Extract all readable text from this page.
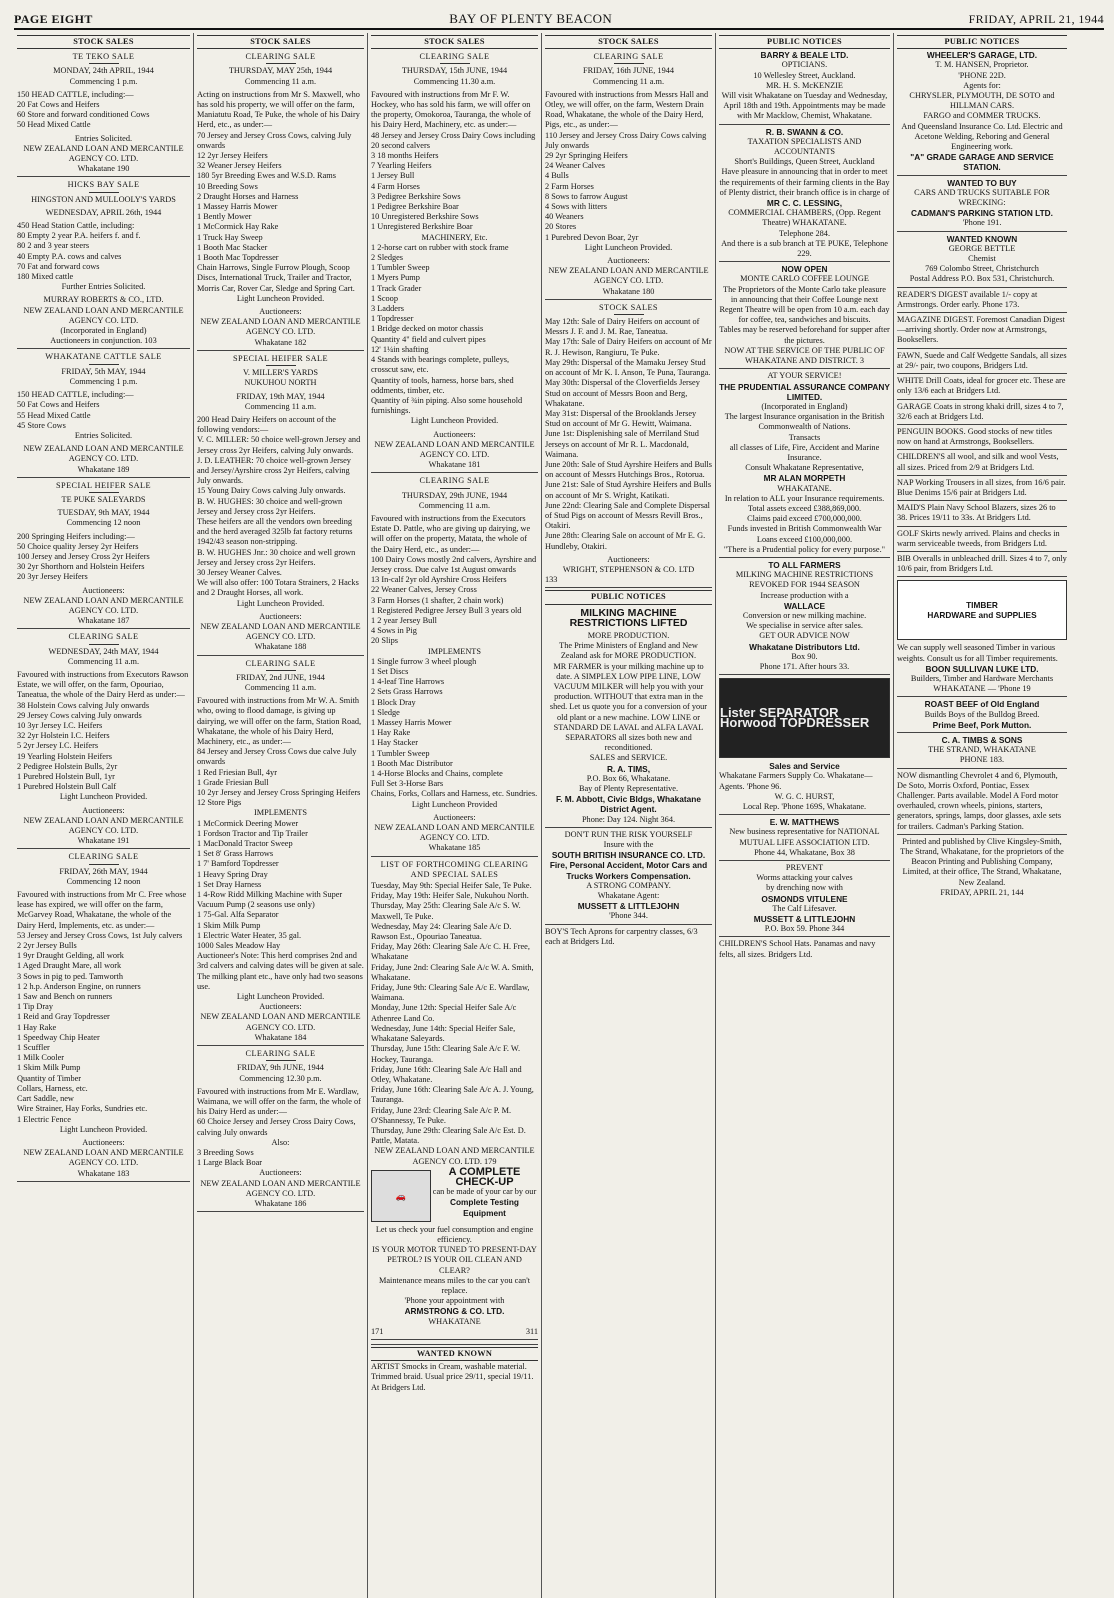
PAGE EIGHT	BAY OF PLENTY BEACON	FRIDAY, APRIL 21, 1944
STOCK SALES
TE TEKO SALE
MONDAY, 24th APRIL, 1944
Commencing 1 p.m.
150 HEAD CATTLE, including:—
20 Fat Cows and Heifers
60 Store and forward conditioned Cows
50 Head Mixed Cattle
Entries Solicited.
NEW ZEALAND LOAN AND MERCANTILE AGENCY CO. LTD.
Whakatane 190
HICKS BAY SALE
HINGSTON AND MULLOOLY'S YARDS
WEDNESDAY, APRIL 26th, 1944
450 Head Station Cattle, including:
80 Empty 2 year P.A. heifers f. and f.
80 2 and 3 year steers
40 Empty P.A. cows and calves
70 Fat and forward cows
180 Mixed cattle
Further Entries Solicited.
MURRAY ROBERTS & CO., LTD.
NEW ZEALAND LOAN AND MERCANTILE AGENCY CO. LTD.
(Incorporated in England)
Auctioneers in conjunction. 103
WHAKATANE CATTLE SALE
FRIDAY, 5th MAY, 1944
Commencing 1 p.m.
150 HEAD CATTLE, including:—
50 Fat Cows and Heifers
55 Head Mixed Cattle
45 Store Cows
Entries Solicited.
NEW ZEALAND LOAN AND MERCANTILE AGENCY CO. LTD.
Whakatane 189
SPECIAL HEIFER SALE
TE PUKE SALEYARDS
TUESDAY, 9th MAY, 1944
Commencing 12 noon
200 Springing Heifers including:—
50 Choice quality Jersey 2yr Heifers
100 Jersey and Jersey Cross 2yr Heifers
30 2yr Shorthorn and Holstein Heifers
20 3yr Jersey Heifers
Auctioneers:
NEW ZEALAND LOAN AND MERCANTILE AGENCY CO. LTD.
Whakatane 187
CLEARING SALE
WEDNESDAY, 24th MAY, 1944
Commencing 11 a.m.
Favoured with instructions from Executors Rawson Estate, we will offer, on the farm, Opouriao, Taneatua, the whole of the Dairy Herd as under:—
38 Holstein Cows calving July onwards
29 Jersey Cows calving July onwards
10 3yr Jersey I.C. Heifers
32 2yr Holstein I.C. Heifers
5 2yr Jersey I.C. Heifers
19 Yearling Holstein Heifers
2 Pedigree Holstein Bulls, 2yr
1 Purebred Holstein Bull, 1yr
1 Purebred Holstein Bull Calf
Light Luncheon Provided.
Auctioneers:
NEW ZEALAND LOAN AND MERCANTILE AGENCY CO. LTD.
Whakatane 191
CLEARING SALE
FRIDAY, 26th MAY, 1944
Commencing 12 noon
Favoured with instructions from Mr C. Free whose lease has expired, we will offer on the farm, McGarvey Road, Whakatane, the whole of the Dairy Herd, Implements, etc. as under:—
53 Jersey and Jersey Cross Cows, 1st July calvers
2 2yr Jersey Bulls
1 9yr Draught Gelding, all work
1 Aged Draught Mare, all work
3 Sows in pig to ped. Tamworth
1 2 h.p. Anderson Engine, on runners
1 Saw and Bench on runners
1 Tip Dray
1 Reid and Gray Topdresser
1 Hay Rake
1 Speedway Chip Heater
1 Scuffler
1 Milk Cooler
1 Skim Milk Pump
Quantity of Timber
Collars, Harness, etc.
Cart Saddle, new
Wire Strainer, Hay Forks, Sundries etc.
1 Electric Fence
Light Luncheon Provided.
Auctioneers:
NEW ZEALAND LOAN AND MERCANTILE AGENCY CO. LTD.
Whakatane 183
STOCK SALES
CLEARING SALE
THURSDAY, MAY 25th, 1944
Commencing 11 a.m.
Acting on instructions from Mr S. Maxwell, who has sold his property, we will offer on the farm, Maniatutu Road, Te Puke, the whole of his Dairy Herd, etc., as under:—
70 Jersey and Jersey Cross Cows, calving July onwards
12 2yr Jersey Heifers
32 Weaner Jersey Heifers
180 5yr Breeding Ewes and W.S.D. Rams
10 Breeding Sows
2 Draught Horses and Harness
1 Massey Harris Mower
1 Bently Mower
1 McCormick Hay Rake
1 Truck Hay Sweep
1 Booth Mac Stacker
1 Booth Mac Topdresser
Chain Harrows, Single Furrow Plough, Scoop Discs, International Truck, Trailer and Tractor, Morris Car, Rover Car, Sledge and Spring Cart.
Light Luncheon Provided.
Auctioneers:
NEW ZEALAND LOAN AND MERCANTILE AGENCY CO. LTD.
Whakatane 182
SPECIAL HEIFER SALE
V. MILLER'S YARDS
NUKUHOU NORTH
FRIDAY, 19th MAY, 1944
Commencing 11 a.m.
200 Head Dairy Heifers on account of the following vendors:—
V. C. MILLER: 50 choice well-grown Jersey and Jersey cross 2yr Heifers, calving July onwards.
J. D. LEATHER: 70 choice well-grown Jersey and Jersey/Ayrshire cross 2yr Heifers, calving July onwards.
15 Young Dairy Cows calving July onwards.
B. W. HUGHES: 30 choice and well-grown Jersey and Jersey cross 2yr Heifers.
These heifers are all the vendors own breeding and the herd averaged 325lb fat factory returns 1942/43 season non-stripping.
B. W. HUGHES Jnr.: 30 choice and well grown Jersey and Jersey cross 2yr Heifers.
30 Jersey Weaner Calves.
We will also offer: 100 Totara Strainers, 2 Hacks and 2 Draught Horses, all work.
Light Luncheon Provided.
Auctioneers:
NEW ZEALAND LOAN AND MERCANTILE AGENCY CO. LTD.
Whakatane 188
CLEARING SALE
FRIDAY, 2nd JUNE, 1944
Commencing 11 a.m.
Favoured with instructions from Mr W. A. Smith who, owing to flood damage, is giving up dairying, we will offer on the farm, Station Road, Whakatane, the whole of his Dairy Herd, Machinery, etc., as under:—
84 Jersey and Jersey Cross Cows due calve July onwards
1 Red Friesian Bull, 4yr
1 Grade Friesian Bull
10 2yr Jersey and Jersey Cross Springing Heifers
12 Store Pigs
IMPLEMENTS
1 McCormick Deering Mower
1 Fordson Tractor and Tip Trailer
1 MacDonald Tractor Sweep
1 Set 8' Grass Harrows
1 7' Bamford Topdresser
1 Heavy Spring Dray
1 Set Dray Harness
1 4-Row Ridd Milking Machine with Super Vacuum Pump (2 seasons use only)
1 75-Gal. Alfa Separator
1 Skim Milk Pump
1 Electric Water Heater, 35 gal.
1000 Sales Meadow Hay
Auctioneer's Note: This herd comprises 2nd and 3rd calvers and calving dates will be given at sale.
The milking plant etc., have only had two seasons use.
Light Luncheon Provided.
Auctioneers:
NEW ZEALAND LOAN AND MERCANTILE AGENCY CO. LTD.
Whakatane 184
CLEARING SALE
FRIDAY, 9th JUNE, 1944
Commencing 12.30 p.m.
Favoured with instructions from Mr E. Wardlaw, Waimana, we will offer on the farm, the whole of his Dairy Herd as under:—
60 Choice Jersey and Jersey Cross Dairy Cows, calving July onwards
Also:
3 Breeding Sows
1 Large Black Boar
Auctioneers:
NEW ZEALAND LOAN AND MERCANTILE AGENCY CO. LTD.
Whakatane 186
STOCK SALES
CLEARING SALE
THURSDAY, 15th JUNE, 1944
Commencing 11.30 a.m.
Favoured with instructions from Mr F. W. Hockey, who has sold his farm, we will offer on the property, Omokoroa, Tauranga, the whole of his Dairy Herd, Machinery, etc. as under:—
48 Jersey and Jersey Cross Dairy Cows including 20 second calvers
3 18 months Heifers
7 Yearling Heifers
1 Jersey Bull
4 Farm Horses
3 Pedigree Berkshire Sows
1 Pedigree Berkshire Boar
10 Unregistered Berkshire Sows
1 Unregistered Berkshire Boar
MACHINERY, Etc.
1 2-horse cart on rubber with stock frame
2 Sledges
1 Tumbler Sweep
1 Myers Pump
1 Track Grader
1 Scoop
3 Ladders
1 Topdresser
1 Bridge decked on motor chassis
Quantity 4" field and culvert pipes
12' 1¼in shafting
4 Stands with bearings complete, pulleys, crosscut saw, etc.
Quantity of tools, harness, horse bars, shed oddments, timber, etc.
Quantity of ¾in piping. Also some household furnishings.
Light Luncheon Provided.
Auctioneers:
NEW ZEALAND LOAN AND MERCANTILE AGENCY CO. LTD.
Whakatane 181
CLEARING SALE
THURSDAY, 29th JUNE, 1944
Commencing 11 a.m.
Favoured with instructions from the Executors Estate D. Pattle, who are giving up dairying, we will offer on the property, Matata, the whole of the Dairy Herd, etc., as under:—
100 Dairy Cows mostly 2nd calvers, Ayrshire and Jersey cross. Due calve 1st August onwards
13 In-calf 2yr old Ayrshire Cross Heifers
22 Weaner Calves, Jersey Cross
3 Farm Horses (1 shafter, 2 chain work)
1 Registered Pedigree Jersey Bull 3 years old
1 2 year Jersey Bull
4 Sows in Pig
20 Slips
IMPLEMENTS
1 Single furrow 3 wheel plough
1 Set Discs
1 4-leaf Tine Harrows
2 Sets Grass Harrows
1 Block Dray
1 Sledge
1 Massey Harris Mower
1 Hay Rake
1 Hay Stacker
1 Tumbler Sweep
1 Booth Mac Distributor
1 4-Horse Blocks and Chains, complete
Full Set 3-Horse Bars
Chains, Forks, Collars and Harness, etc. Sundries.
Light Luncheon Provided
Auctioneers:
NEW ZEALAND LOAN AND MERCANTILE AGENCY CO. LTD.
Whakatane 185
LIST OF FORTHCOMING CLEARING AND SPECIAL SALES
Tuesday, May 9th: Special Heifer Sale, Te Puke.
Friday, May 19th: Heifer Sale, Nukuhou North.
Thursday, May 25th: Clearing Sale A/c S. W. Maxwell, Te Puke.
Wednesday, May 24: Clearing Sale A/c D. Rawson Est., Opouriao Taneatua.
Friday, May 26th: Clearing Sale A/c C. H. Free, Whakatane
Friday, June 2nd: Clearing Sale A/c W. A. Smith, Whakatane.
Friday, June 9th: Clearing Sale A/c E. Wardlaw, Waimana.
Monday, June 12th: Special Heifer Sale A/c Athenree Land Co.
Wednesday, June 14th: Special Heifer Sale, Whakatane Saleyards.
Thursday, June 15th: Clearing Sale A/c F. W. Hockey, Tauranga.
Friday, June 16th: Clearing Sale A/c Hall and Otley, Whakatane.
Friday, June 16th: Clearing Sale A/c A. J. Young, Tauranga.
Friday, June 23rd: Clearing Sale A/c P. M. O'Shannessy, Te Puke.
Thursday, June 29th: Clearing Sale A/c Est. D. Pattle, Matata.
NEW ZEALAND LOAN AND MERCANTILE AGENCY CO. LTD. 179
🚗
A COMPLETE CHECK-UP
can be made of your car by our
Complete Testing Equipment
Let us check your fuel consumption and engine efficiency.
IS YOUR MOTOR TUNED TO PRESENT-DAY PETROL? IS YOUR OIL CLEAN AND CLEAR?
Maintenance means miles to the car you can't replace.
'Phone your appointment with
ARMSTRONG & CO. LTD.
WHAKATANE
171	311
WANTED KNOWN
ARTIST Smocks in Cream, washable material. Trimmed braid. Usual price 29/11, special 19/11. At Bridgers Ltd.
STOCK SALES
CLEARING SALE
FRIDAY, 16th JUNE, 1944
Commencing 11 a.m.
Favoured with instructions from Messrs Hall and Otley, we will offer, on the farm, Western Drain Road, Whakatane, the whole of the Dairy Herd, Pigs, etc., as under:—
110 Jersey and Jersey Cross Dairy Cows calving July onwards
29 2yr Springing Heifers
24 Weaner Calves
4 Bulls
2 Farm Horses
8 Sows to farrow August
4 Sows with litters
40 Weaners
20 Stores
1 Purebred Devon Boar, 2yr
Light Luncheon Provided.
Auctioneers:
NEW ZEALAND LOAN AND MERCANTILE AGENCY CO. LTD.
Whakatane 180
STOCK SALES
May 12th: Sale of Dairy Heifers on account of Messrs J. F. and J. M. Rae, Taneatua.
May 17th: Sale of Dairy Heifers on account of Mr R. J. Hewison, Rangiuru, Te Puke.
May 29th: Dispersal of the Mamaku Jersey Stud on account of Mr K. I. Anson, Te Puna, Tauranga.
May 30th: Dispersal of the Cloverfields Jersey Stud on account of Messrs Boon and Berg, Whakatane.
May 31st: Dispersal of the Brooklands Jersey Stud on account of Mr G. Hewitt, Waimana.
June 1st: Displenishing sale of Merriland Stud Jerseys on account of Mr R. L. Macdonald, Waimana.
June 20th: Sale of Stud Ayrshire Heifers and Bulls on account of Messrs Hutchings Bros., Rotorua.
June 21st: Sale of Stud Ayrshire Heifers and Bulls on account of Mr S. Wright, Katikati.
June 22nd: Clearing Sale and Complete Dispersal of Stud Pigs on account of Messrs Revill Bros., Otakiri.
June 28th: Clearing Sale on account of Mr E. G. Hundleby, Otakiri.
Auctioneers:
WRIGHT, STEPHENSON & CO. LTD
133
PUBLIC NOTICES
MILKING MACHINE RESTRICTIONS LIFTED
MORE PRODUCTION.
The Prime Ministers of England and New Zealand ask for MORE PRODUCTION.
MR FARMER is your milking machine up to date. A SIMPLEX LOW PIPE LINE, LOW VACUUM MILKER will help you with your production. WITHOUT that extra man in the shed. Let us quote you for a conversion of your old plant or a new machine. LOW LINE or STANDARD DE LAVAL and ALFA LAVAL SEPARATORS all sizes both new and reconditioned.
SALES and SERVICE.
R. A. TIMS,
P.O. Box 66, Whakatane.
Bay of Plenty Representative.
F. M. Abbott, Civic Bldgs, Whakatane District Agent.
Phone: Day 124. Night 364.
DON'T RUN THE RISK YOURSELF
Insure with the
SOUTH BRITISH INSURANCE CO. LTD.
Fire, Personal Accident, Motor Cars and Trucks Workers Compensation.
A STRONG COMPANY.
Whakatane Agent:
MUSSETT & LITTLEJOHN
'Phone 344.
BOY'S Tech Aprons for carpentry classes, 6/3 each at Bridgers Ltd.
PUBLIC NOTICES
BARRY & BEALE LTD.
OPTICIANS.
10 Wellesley Street, Auckland.
MR. H. S. McKENZIE
Will visit Whakatane on Tuesday and Wednesday, April 18th and 19th. Appointments may be made with Mr Macklow, Chemist, Whakatane.
R. B. SWANN & CO.
TAXATION SPECIALISTS AND ACCOUNTANTS
Short's Buildings, Queen Street, Auckland
Have pleasure in announcing that in order to meet the requirements of their farming clients in the Bay of Plenty district, their branch office is in charge of
MR C. C. LESSING,
COMMERCIAL CHAMBERS, (Opp. Regent Theatre) WHAKATANE.
Telephone 284.
And there is a sub branch at TE PUKE, Telephone 229.
NOW OPEN
MONTE CARLO COFFEE LOUNGE
The Proprietors of the Monte Carlo take pleasure in announcing that their Coffee Lounge next Regent Theatre will be open from 10 a.m. each day for coffee, tea, sandwiches and biscuits.
Tables may be reserved beforehand for supper after the pictures.
NOW AT THE SERVICE OF THE PUBLIC OF WHAKATANE AND DISTRICT. 3
AT YOUR SERVICE!
THE PRUDENTIAL ASSURANCE COMPANY LIMITED.
(Incorporated in England)
The largest Insurance organisation in the British Commonwealth of Nations.
Transacts
all classes of Life, Fire, Accident and Marine Insurance.
Consult Whakatane Representative,
MR ALAN MORPETH
WHAKATANE.
In relation to ALL your Insurance requirements.
Total assets exceed £388,869,000.
Claims paid exceed £700,000,000.
Funds invested in British Commonwealth War Loans exceed £100,000,000.
"There is a Prudential policy for every purpose."
TO ALL FARMERS
MILKING MACHINE RESTRICTIONS REVOKED FOR 1944 SEASON
Increase production with a
WALLACE
Conversion or new milking machine.
We specialise in service after sales.
GET OUR ADVICE NOW
Whakatane Distributors Ltd.
Box 90.
Phone 171. After hours 33.
Lister SEPARATOR Horwood TOPDRESSER
Sales and Service
Whakatane Farmers Supply Co. Whakatane—Agents. 'Phone 96.
W. G. C. HURST,
Local Rep. 'Phone 169S, Whakatane.
E. W. MATTHEWS
New business representative for NATIONAL MUTUAL LIFE ASSOCIATION LTD.
Phone 44, Whakatane, Box 38
PREVENT
Worms attacking your calves
by drenching now with
OSMONDS VITULENE
The Calf Lifesaver.
MUSSETT & LITTLEJOHN
P.O. Box 59. Phone 344
CHILDREN'S School Hats. Panamas and navy felts, all sizes. Bridgers Ltd.
PUBLIC NOTICES
WHEELER'S GARAGE, LTD.
T. M. HANSEN, Proprietor.
'PHONE 22D.
Agents for:
CHRYSLER, PLYMOUTH, DE SOTO and HILLMAN CARS.
FARGO and COMMER TRUCKS.
And Queensland Insurance Co. Ltd. Electric and Acetone Welding, Reboring and General Engineering work.
"A" GRADE GARAGE AND SERVICE STATION.
WANTED TO BUY
CARS AND TRUCKS SUITABLE FOR WRECKING:
CADMAN'S PARKING STATION LTD.
'Phone 191.
WANTED KNOWN
GEORGE BETTLE
Chemist
769 Colombo Street, Christchurch
Postal Address P.O. Box 531, Christchurch.
READER'S DIGEST available 1/- copy at Armstrongs. Order early. Phone 173.
MAGAZINE DIGEST. Foremost Canadian Digest—arriving shortly. Order now at Armstrongs, Booksellers.
FAWN, Suede and Calf Wedgette Sandals, all sizes at 29/- pair, two coupons, Bridgers Ltd.
WHITE Drill Coats, ideal for grocer etc. These are only 13/6 each at Bridgers Ltd.
GARAGE Coats in strong khaki drill, sizes 4 to 7, 32/6 each at Bridgers Ltd.
PENGUIN BOOKS. Good stocks of new titles now on hand at Armstrongs, Booksellers.
CHILDREN'S all wool, and silk and wool Vests, all sizes. Priced from 2/9 at Bridgers Ltd.
NAP Working Trousers in all sizes, from 16/6 pair. Blue Denims 15/6 pair at Bridgers Ltd.
MAID'S Plain Navy School Blazers, sizes 26 to 38. Prices 19/11 to 33s. At Bridgers Ltd.
GOLF Skirts newly arrived. Plains and checks in warm serviceable tweeds, from Bridgers Ltd.
BIB Overalls in unbleached drill. Sizes 4 to 7, only 10/6 pair, from Bridgers Ltd.
TIMBER
HARDWARE and SUPPLIES
We can supply well seasoned Timber in various weights. Consult us for all Timber requirements.
BOON SULLIVAN LUKE LTD.
Builders, Timber and Hardware Merchants
WHAKATANE — 'Phone 19
ROAST BEEF of Old England
Builds Boys of the Bulldog Breed.
Prime Beef, Pork Mutton.
C. A. TIMBS & SONS
THE STRAND, WHAKATANE
PHONE 183.
NOW dismantling Chevrolet 4 and 6, Plymouth, De Soto, Morris Oxford, Pontiac, Essex Challenger. Parts available. Model A Ford motor overhauled, crown wheels, pinions, starters, generators, springs, lamps, door glasses, axle sets for trailers. Cadman's Parking Station.
Printed and published by Clive Kingsley-Smith, The Strand, Whakatane, for the proprietors of the Beacon Printing and Publishing Company, Limited, at their office, The Strand, Whakatane, New Zealand.
FRIDAY, APRIL 21, 144
